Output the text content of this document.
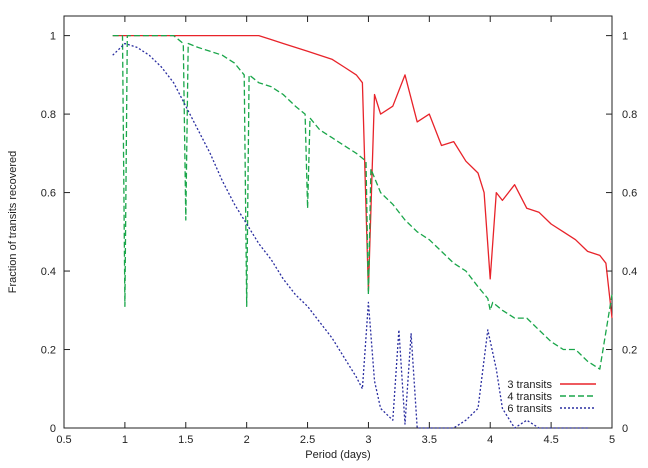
0.5	1	1.5	2	2.5	3	3.5	4	4.5	5
0	0
0.2	0.2
0.4	0.4
0.6	0.6
0.8	0.8
1	1
3 transits
4 transits
6 transits
Period (days)
Fraction of transits recovered
